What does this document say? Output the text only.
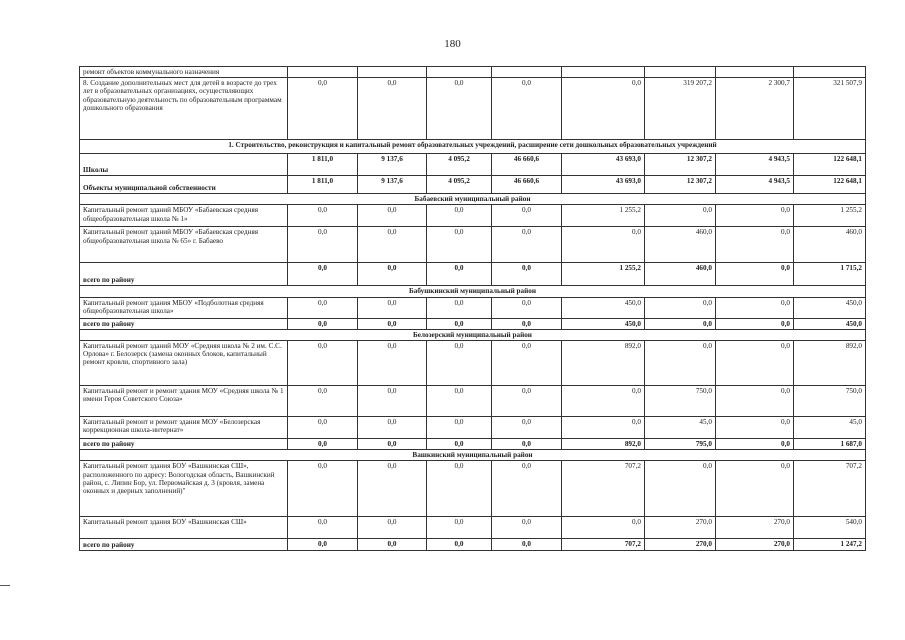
180
ремонт объектов коммунального назначения								
8. Создание дополнительных мест для детей в возрасте до трех лет в образовательных организациях, осуществляющих образовательную деятельность по образовательным программам дошкольного образования	0,0	0,0	0,0	0,0	0,0	319 207,2	2 300,7	321 507,9
1. Строительство, реконструкция и капитальный ремонт образовательных учреждений, расширение сети дошкольных образовательных учреждений								
Школы	1 811,0	9 137,6	4 095,2	46 660,6	43 693,0	12 307,2	4 943,5	122 648,1
Объекты муниципальной собственности	1 811,0	9 137,6	4 095,2	46 660,6	43 693,0	12 307,2	4 943,5	122 648,1
Бабаевский муниципальный район								
Капитальный ремонт зданий МБОУ «Бабаевская средняя общеобразовательная школа № 1»	0,0	0,0	0,0	0,0	1 255,2	0,0	0,0	1 255,2
Капитальный ремонт зданий МБОУ «Бабаевская средняя общеобразовательная школа № 65» г. Бабаево	0,0	0,0	0,0	0,0	0,0	460,0	0,0	460,0
всего по району	0,0	0,0	0,0	0,0	1 255,2	460,0	0,0	1 715,2
Бабушкинский муниципальный район								
Капитальный ремонт здания МБОУ «Подболотная средняя общеобразовательная школа»	0,0	0,0	0,0	0,0	450,0	0,0	0,0	450,0
всего по району	0,0	0,0	0,0	0,0	450,0	0,0	0,0	450,0
Белозерский муниципальный район								
Капитальный ремонт зданий МОУ «Средняя школа № 2 им. С.С. Орлова» г. Белозерск (замена оконных блоков, капитальный ремонт кровли, спортивного зала)	0,0	0,0	0,0	0,0	892,0	0,0	0,0	892,0
Капитальный ремонт и ремонт здания МОУ «Средняя школа № 1 имени Героя Советского Союза»	0,0	0,0	0,0	0,0	0,0	750,0	0,0	750,0
Капитальный ремонт и ремонт здания МОУ «Белозерская коррекционная школа-интернат»	0,0	0,0	0,0	0,0	0,0	45,0	0,0	45,0
всего по району	0,0	0,0	0,0	0,0	892,0	795,0	0,0	1 687,0
Вашкинский муниципальный район								
Капитальный ремонт здания БОУ «Вашкинская СШ», расположенного по адресу: Вологодская область, Вашкинский район, с. Липин Бор, ул. Первомайская д. 3 (кровля, замена оконных и дверных заполнений)"	0,0	0,0	0,0	0,0	707,2	0,0	0,0	707,2
Капитальный ремонт здания БОУ «Вашкинская СШ»	0,0	0,0	0,0	0,0	0,0	270,0	270,0	540,0
всего по району	0,0	0,0	0,0	0,0	707,2	270,0	270,0	1 247,2
